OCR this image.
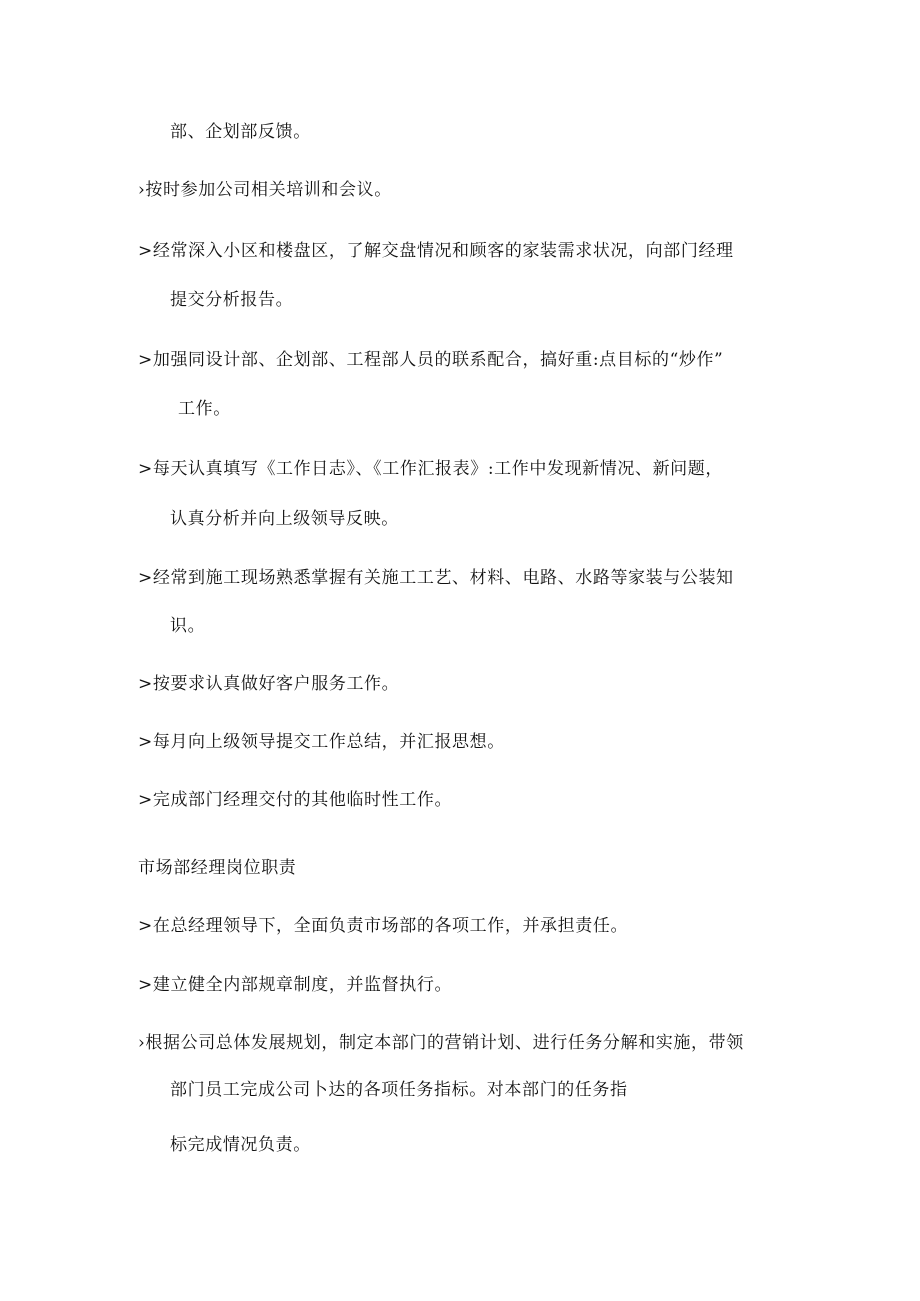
部、企划部反馈。
›按时参加公司相关培训和会议。
>经常深入小区和楼盘区，了解交盘情况和顾客的家装需求状况，向部门经理
提交分析报告。
>加强同设计部、企划部、工程部人员的联系配合，搞好重:点目标的“炒作”
工作。
>每天认真填写《工作日志》、《工作汇报表》:工作中发现新情况、新问题，
认真分析并向上级领导反映。
>经常到施工现场熟悉掌握有关施工工艺、材料、电路、水路等家装与公装知
识。
>按要求认真做好客户服务工作。
>每月向上级领导提交工作总结，并汇报思想。
>完成部门经理交付的其他临时性工作。
市场部经理岗位职责
>在总经理领导下，全面负责市场部的各项工作，并承担责任。
>建立健全内部规章制度，并监督执行。
›根据公司总体发展规划，制定本部门的营销计划、进行任务分解和实施，带领
部门员工完成公司卜达的各项任务指标。对本部门的任务指
标完成情况负责。
